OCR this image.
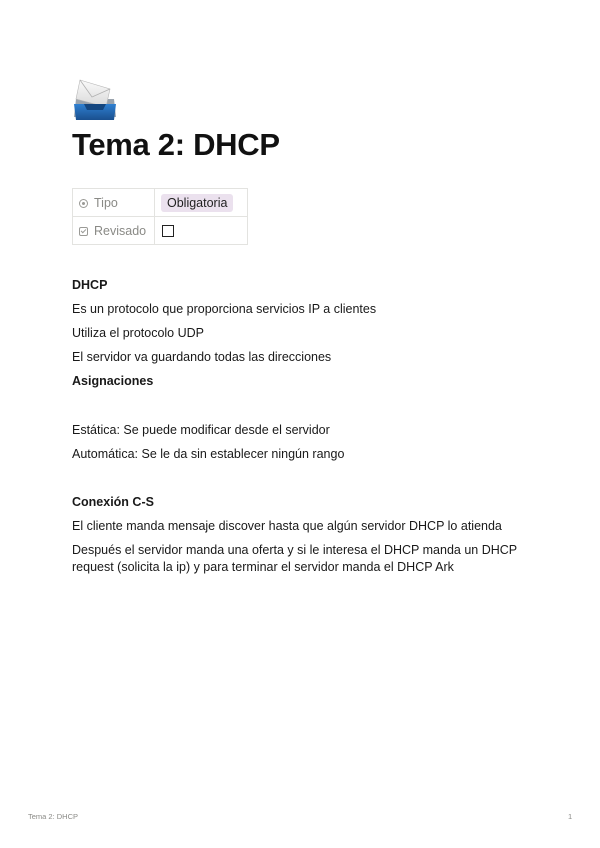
Tema 2: DHCP
Tipo	Obligatoria
Revisado	
DHCP
Es un protocolo que proporciona servicios IP a clientes
Utiliza el protocolo UDP
El servidor va guardando todas las direcciones
Asignaciones
Estática: Se puede modificar desde el servidor
Automática: Se le da sin establecer ningún rango
Conexión C-S
El cliente manda mensaje discover hasta que algún servidor DHCP lo atienda
Después el servidor manda una oferta y si le interesa el DHCP manda un DHCP request (solicita la ip) y para terminar el servidor manda el DHCP Ark
Tema 2: DHCP	1
